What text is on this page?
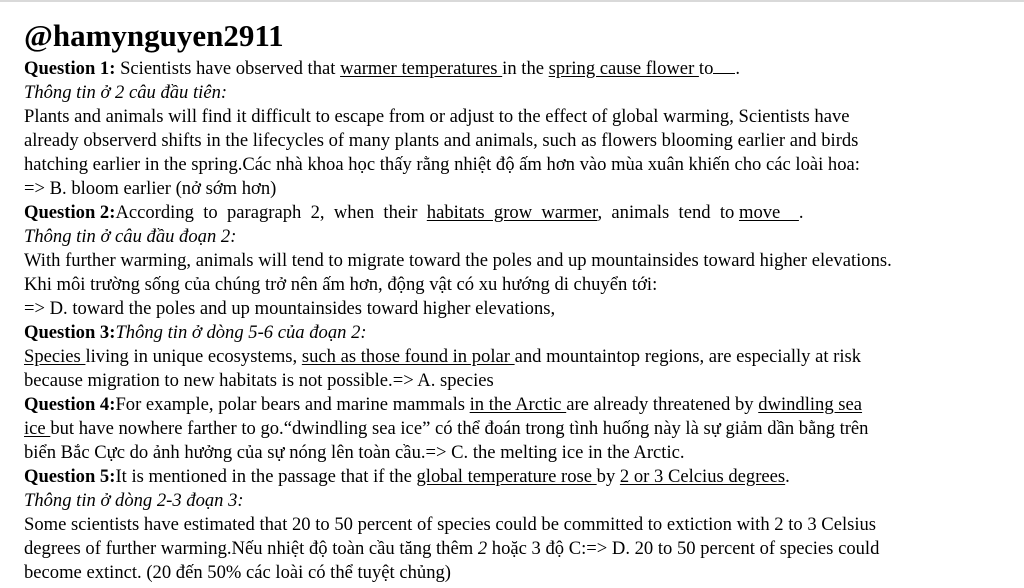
@hamynguyen2911
Question 1: Scientists have observed that warmer temperatures in the spring cause flower to .
Thông tin ở 2 câu đầu tiên:
Plants and animals will find it difficult to escape from or adjust to the effect of global warming, Scientists have
already observerd shifts in the lifecycles of many plants and animals, such as flowers blooming earlier and birds
hatching earlier in the spring.Các nhà khoa học thấy rằng nhiệt độ ấm hơn vào mùa xuân khiến cho các loài hoa:
=> B. bloom earlier (nở sớm hơn)
Question 2:According  to  paragraph  2,  when  their  habitats  grow  warmer,  animals  tend  to move    .
Thông tin ở câu đầu đoạn 2:
With further warming, animals will tend to migrate toward the poles and up mountainsides toward higher elevations.
Khi môi trường sống của chúng trở nên ấm hơn, động vật có xu hướng di chuyển tới:
=> D. toward the poles and up mountainsides toward higher elevations,
Question 3:Thông tin ở dòng 5-6 của đoạn 2:
Species living in unique ecosystems, such as those found in polar and mountaintop regions, are especially at risk
because migration to new habitats is not possible.=> A. species
Question 4:For example, polar bears and marine mammals in the Arctic are already threatened by dwindling sea
ice but have nowhere farther to go.“dwindling sea ice” có thể đoán trong tình huống này là sự giảm dần bằng trên
biển Bắc Cực do ảnh hưởng của sự nóng lên toàn cầu.=> C. the melting ice in the Arctic.
Question 5:It is mentioned in the passage that if the global temperature rose by 2 or 3 Celcius degrees.
Thông tin ở dòng 2-3 đoạn 3:
Some scientists have estimated that 20 to 50 percent of species could be committed to extiction with 2 to 3 Celsius
degrees of further warming.Nếu nhiệt độ toàn cầu tăng thêm 2 hoặc 3 độ C:=> D. 20 to 50 percent of species could
become extinct. (20 đến 50% các loài có thể tuyệt chủng)
